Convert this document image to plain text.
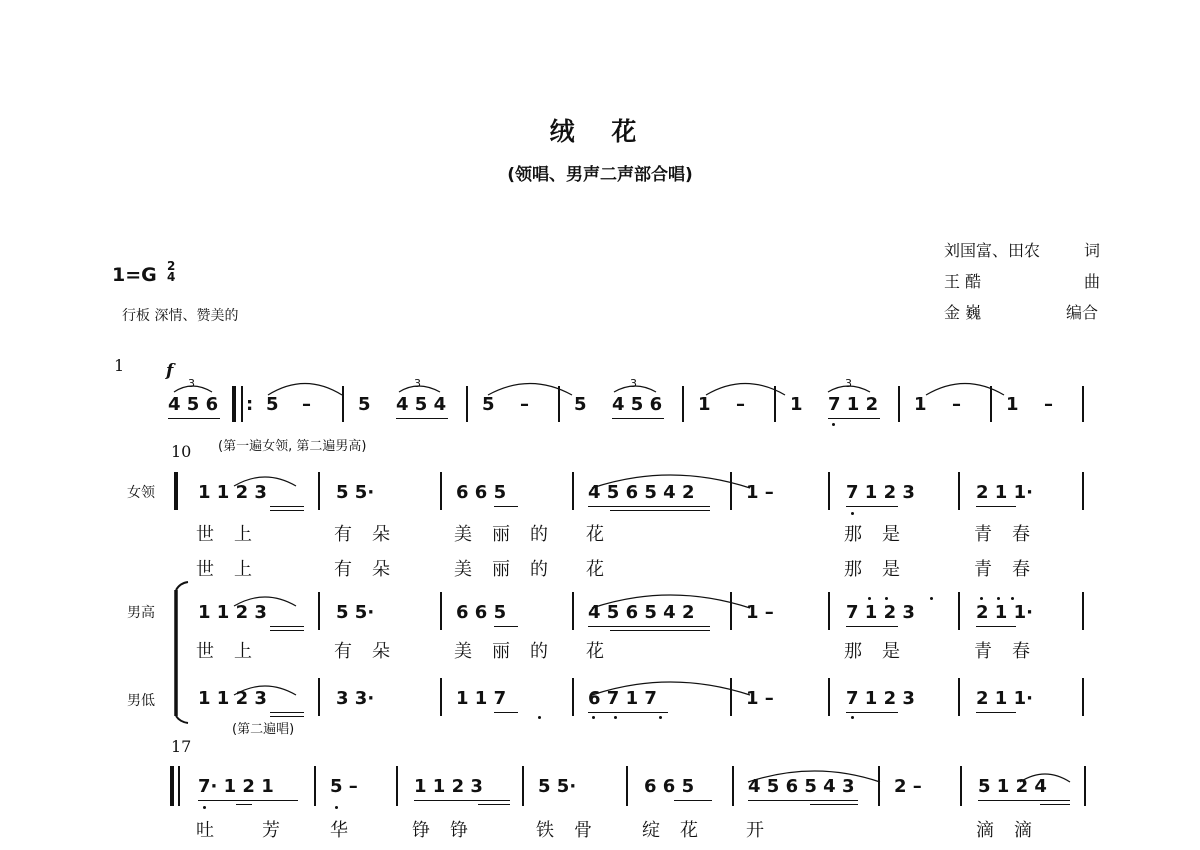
绒 花
(领唱、男声二声部合唱)
刘国富、田农	词
王 酷	曲
金 巍	编合
1=G 2
4
行板 深情、赞美的
1 f
3	3	3	3
4 5 6 : 5 –	5 4 5 4 5 –	5 4 5 6 1 –	1 7 1 2 1 –	1 –
10 (第一遍女领, 第二遍男高)
女领
男高
男低
1 1 2 3	5 5·	6 6 5	4 5 6 5 4 2	1 –	7 1 2 3	2 1 1·
世上	有朵 美丽的 花	那是	青春
世上	有朵 美丽的 花	那是	青春
1 1 2 3	5 5·	6 6 5	4 5 6 5 4 2	1 –	7 1 2 3	2 1 1·
世上	有朵 美丽的 花	那是	青春
1 1 2 3	3 3·	1 1 7	6 7 1 7	1 –	7 1 2 3	2 1 1·
(第二遍唱)
17
7· 1 2 1	5 –	1 1 2 3	5 5·	6 6 5	4 5 6 5 4 3 2 –	5 1 2 4
吐 芳 华 铮铮	铁骨 绽花 开	滴滴
